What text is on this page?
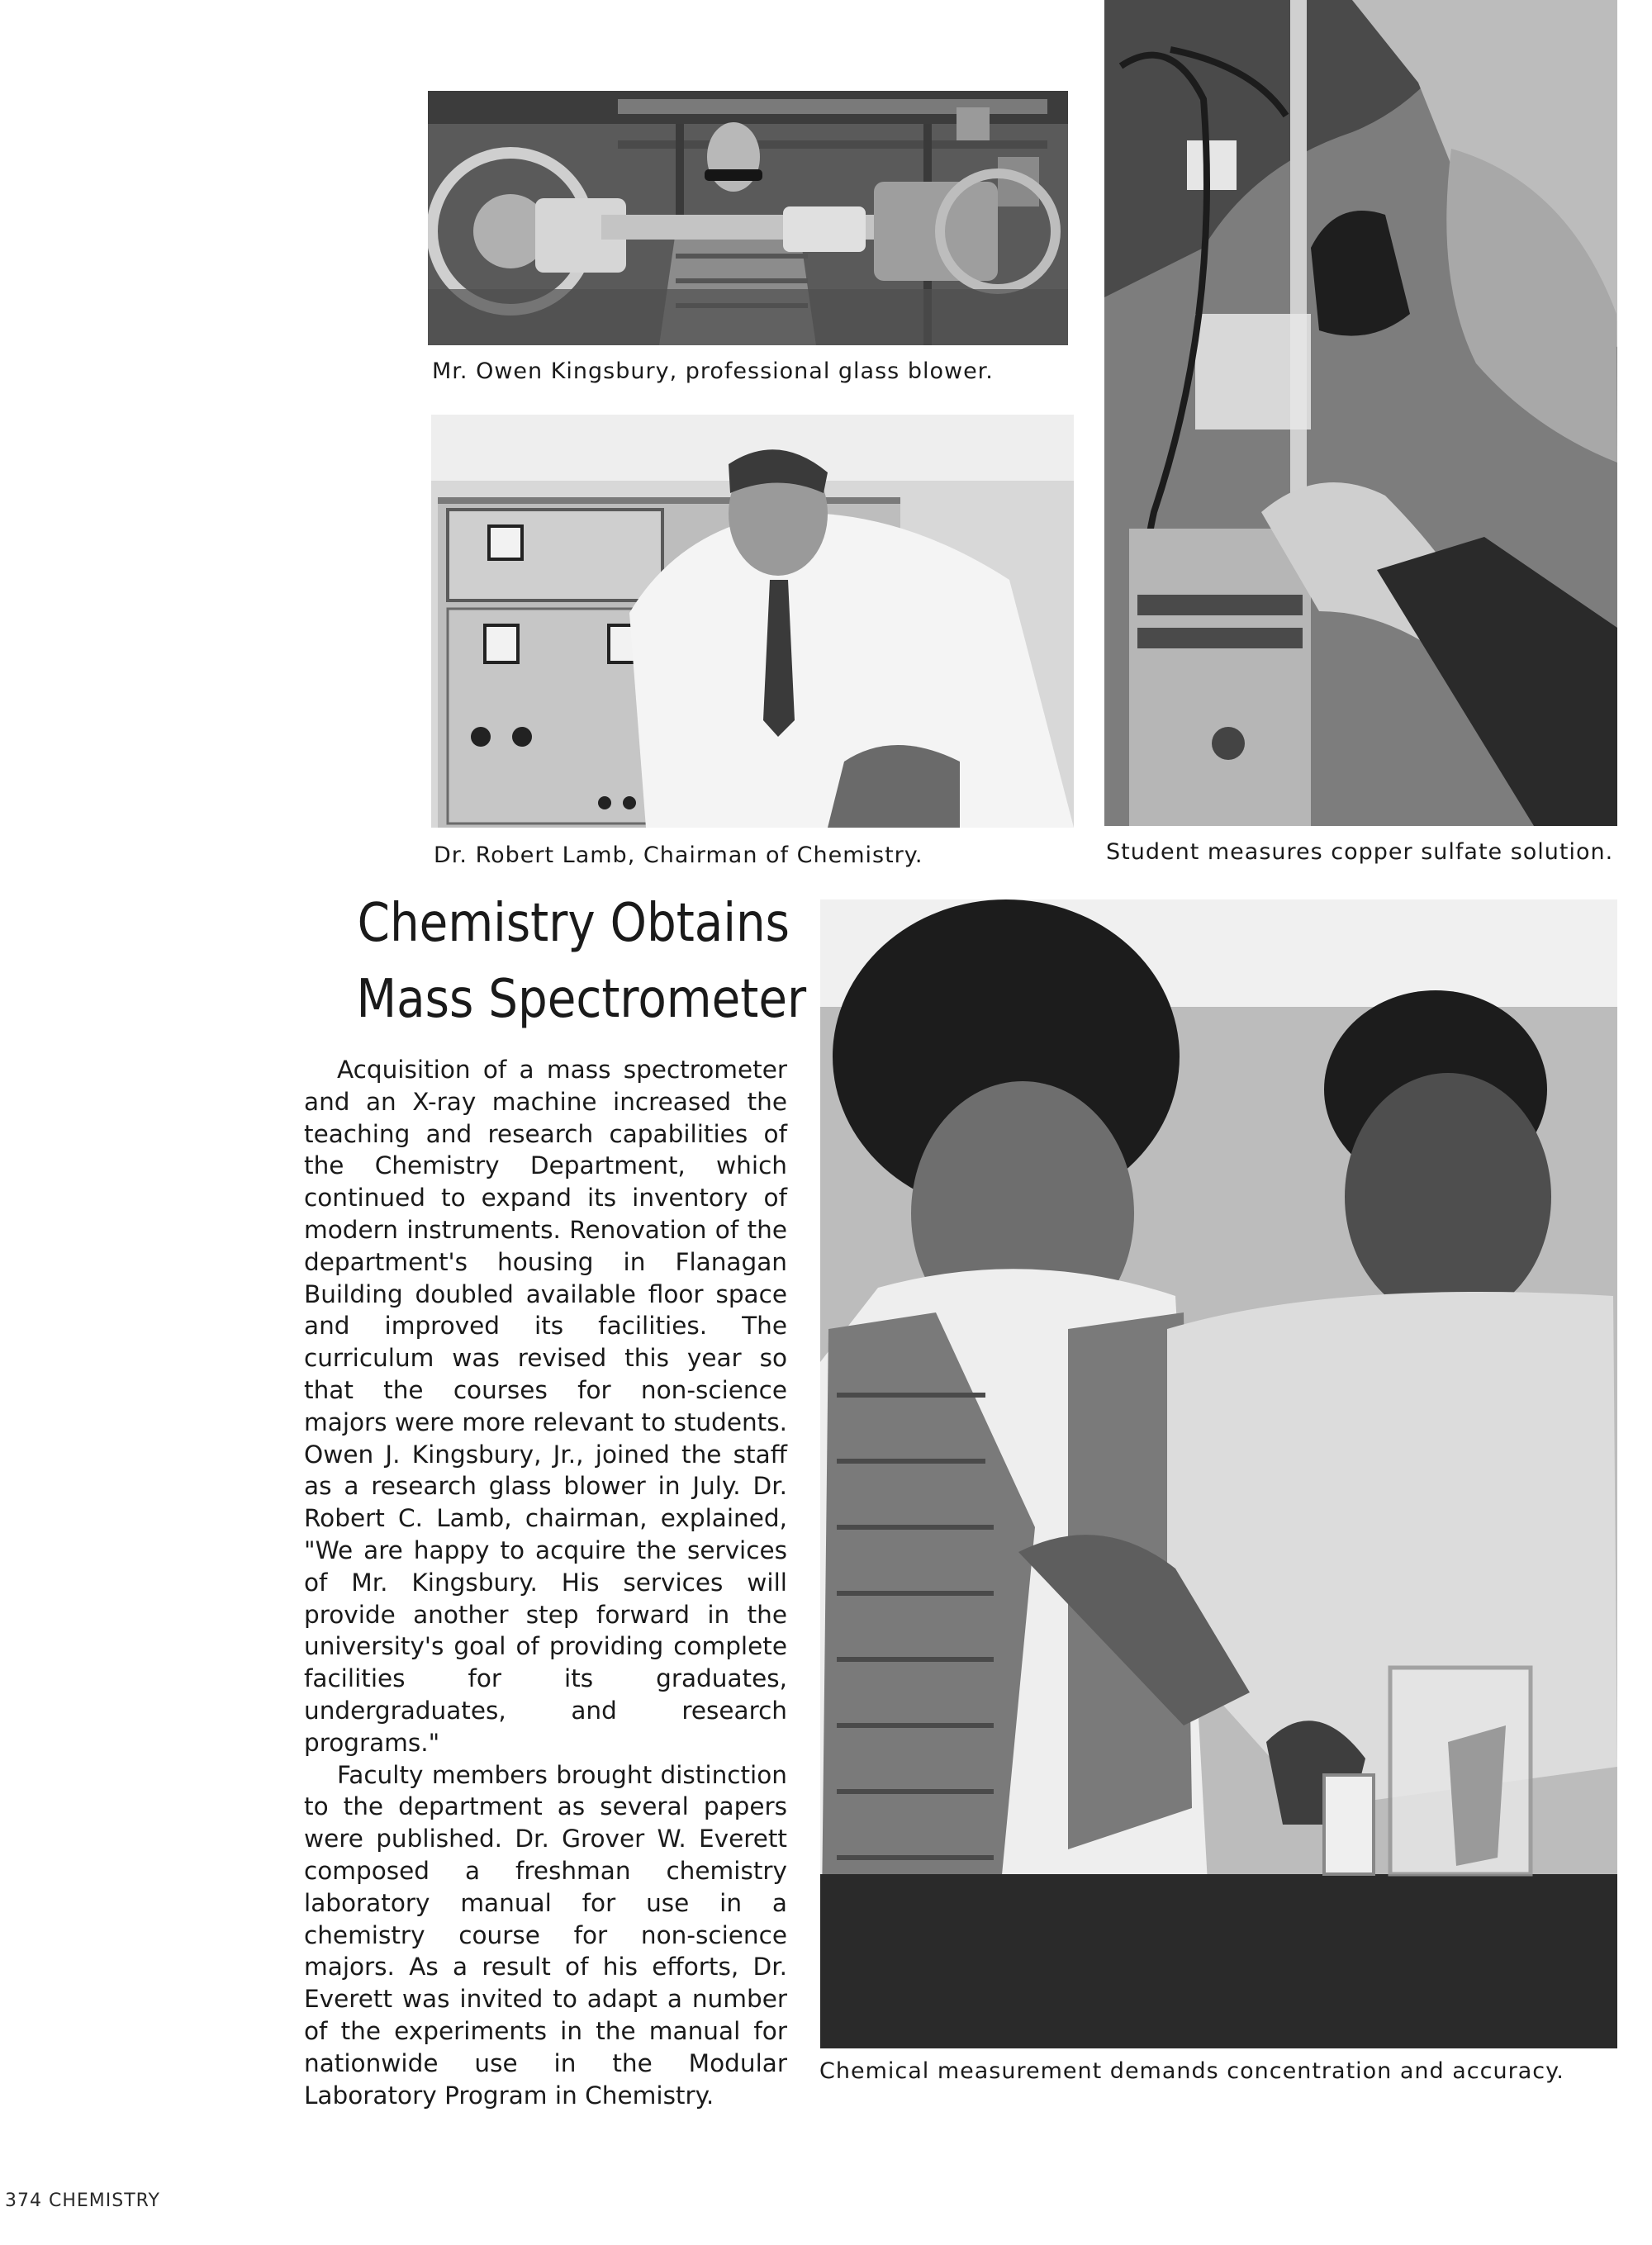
Mr. Owen Kingsbury, professional glass blower.
Dr. Robert Lamb, Chairman of Chemistry.	Student measures copper sulfate solution.
Chemistry Obtains
Mass Spectrometer

Acquisition of a mass spectrometer and an X-ray machine increased the teaching and research capabilities of the Chemistry Department, which continued to expand its inventory of modern instruments. Renovation of the department's housing in Flanagan Building doubled available floor space and improved its facilities. The curriculum was revised this year so that the courses for non-science majors were more relevant to students. Owen J. Kingsbury, Jr., joined the staff as a research glass blower in July. Dr. Robert C. Lamb, chairman, explained, "We are happy to acquire the services of Mr. Kingsbury. His services will provide another step forward in the university's goal of providing complete facilities for its graduates, undergraduates, and research programs."

Faculty members brought distinction to the department as several papers were published. Dr. Grover W. Everett composed a freshman chemistry laboratory manual for use in a chemistry course for non-science majors. As a result of his efforts, Dr. Everett was invited to adapt a number of the experiments in the manual for nationwide use in the Modular Laboratory Program in Chemistry.

Chemical measurement demands concentration and accuracy.
374 CHEMISTRY
